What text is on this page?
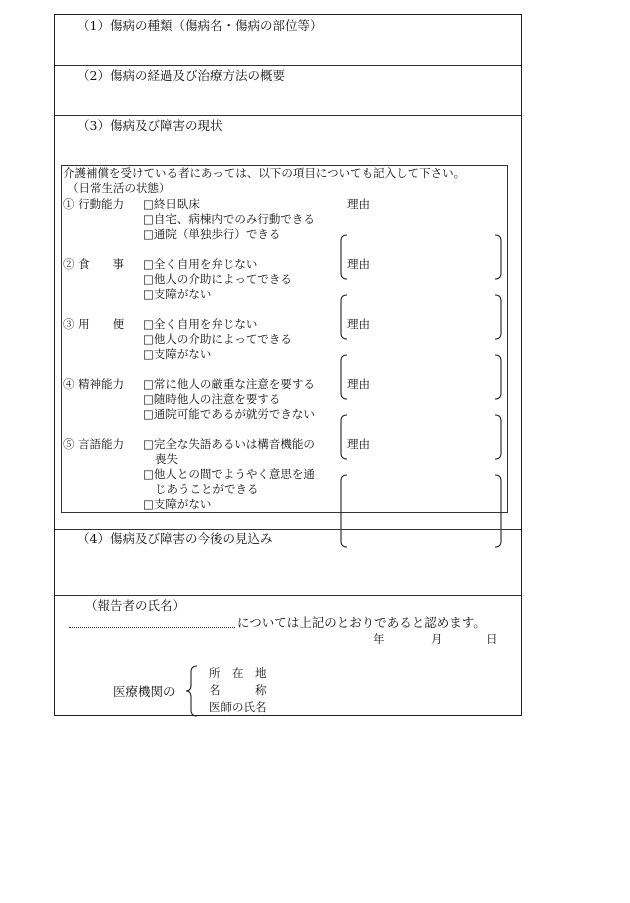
（1）傷病の種類（傷病名・傷病の部位等）
（2）傷病の経過及び治療方法の概要
（3）傷病及び障害の現状
介護補償を受けている者にあっては、以下の項目についても記入して下さい。
（日常生活の状態）
① 行動能力 □終日臥床
□自宅、病棟内でのみ行動できる
□通院（単独歩行）できる
理由
② 食　　事 □全く自用を弁じない
□他人の介助によってできる
□支障がない
理由
③ 用　　便 □全く自用を弁じない
□他人の介助によってできる
□支障がない
理由
④ 精神能力 □常に他人の厳重な注意を要する
□随時他人の注意を要する
□通院可能であるが就労できない
理由
⑤ 言語能力 □完全な失語あるいは構音機能の
喪失
□他人との間でようやく意思を通
じあうことができる
□支障がない
理由
（4）傷病及び障害の今後の見込み
（報告者の氏名）
については上記のとおりであると認めます。
年	月	日
医療機関の
所　在　地
名　　　称
医師の氏名
